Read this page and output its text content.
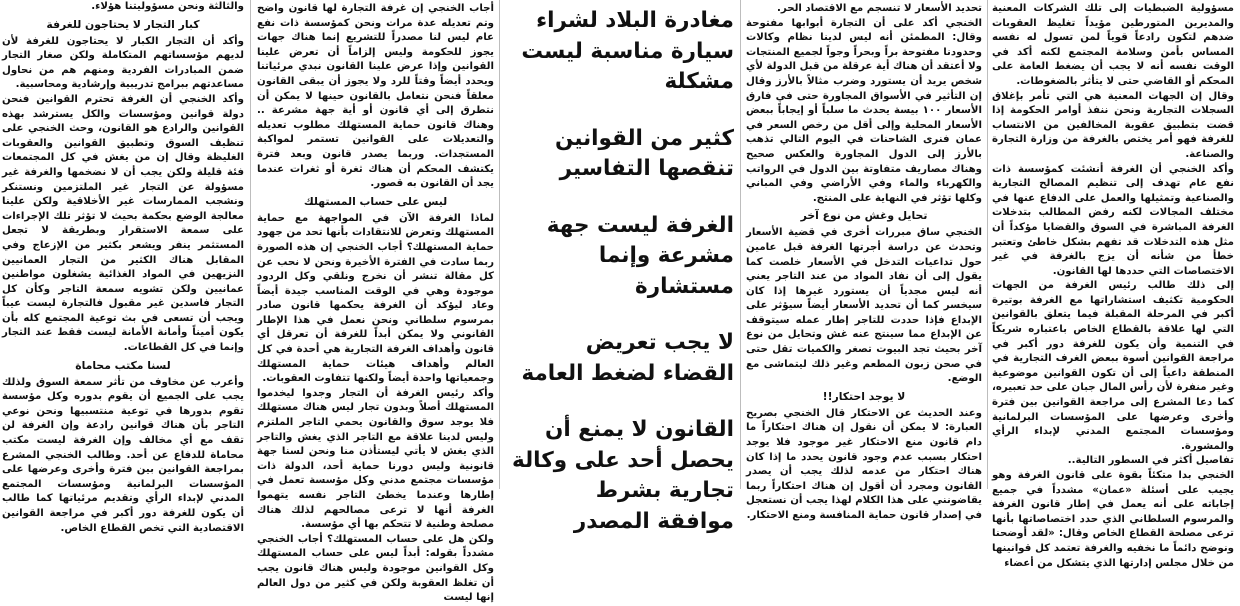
مسؤولية الضبطيات إلى تلك الشركات المعنية والمديرين المتورطين مؤيداً تغليظ العقوبات ضدهم لتكون رادعاً قوياً لمن تسول له نفسه المساس بأمن وسلامة المجتمع لكنه أكد في الوقت نفسه أنه لا يجب أن يضغط العامة على المحكم أو القاضي حتى لا يتأثر بالضغوطات.

وقال إن الجهات المعنية هي التي تأمر بإغلاق السجلات التجارية ونحن ننفذ أوامر الحكومة إذا قضت بتطبيق عقوبة المخالفين من الانتساب للغرفة فهو أمر يختص بالغرفة من وزارة التجارة والصناعة.

وأكد الخنجي أن الغرفة أنشئت كمؤسسة ذات نفع عام تهدف إلى تنظيم المصالح التجارية والصناعية وتمثيلها والعمل على الدفاع عنها في مختلف المجالات لكنه رفض المطالب بتدخلات الغرفة المباشرة في السوق والقضايا مؤكداً أن مثل هذه التدخلات قد تفهم بشكل خاطئ وتعتبر خطأ من شأنه أن يزج بالغرفة في غير الاختصاصات التي حددها لها القانون.

إلى ذلك طالب رئيس الغرفة من الجهات الحكومية تكثيف استشاراتها مع الغرفة بوتيرة أكبر في المرحلة المقبلة فيما يتعلق بالقوانين التي لها علاقة بالقطاع الخاص باعتباره شريكاً في التنمية وأن يكون للغرفة دور أكبر في مراجعة القوانين أسوة ببعض الغرف التجارية في المنطقة داعياً إلى أن تكون القوانين موضوعية وغير منفرة لأن رأس المال جبان على حد تعبيره، كما دعا المشرع إلى مراجعة القوانين بين فترة وأخرى وعرضها على المؤسسات البرلمانية ومؤسسات المجتمع المدني لإبداء الرأي والمشورة.

تفاصيل أكثر في السطور التالية..

الخنجي بدا متكئاً بقوة على قانون الغرفة وهو يجيب على أسئلة «عمان» مشدداً في جميع إجاباته على أنه يعمل في إطار قانون الغرفة والمرسوم السلطاني الذي حدد اختصاصاتها بأنها ترعى مصلحة القطاع الخاص وقال: «لقد أوضحنا ونوضح دائماً ما نخفيه والغرفة تعتمد كل قوانينها من خلال مجلس إدارتها الذي يتشكل من أعضاء

تحديد الأسعار لا تنسجم مع الاقتصاد الحر.

الخنجي أكد على أن التجارة أبوابها مفتوحة وقال: المطمئن أنه ليس لدينا نظام وكالات وحدودنا مفتوحة براً وبحراً وجواً لجميع المنتجات ولا أعتقد أن هناك أية عرقلة من قبل الدولة لأي شخص يريد أن يستورد وضرب مثالاً بالأرز وقال إن التأثير في الأسواق المجاورة حتى في فارق الأسعار ١٠٠ بيسة يحدث ما سلباً أو إيجاباً ببعض الأسعار المحلية وإلى أقل من رخص السعر في عمان فنرى الشاحنات في اليوم التالي تذهب بالأرز إلى الدول المجاورة والعكس صحيح وهناك مصاريف متفاوتة بين الدول في الرواتب والكهرباء والماء وفي الأراضي وفي المباني وكلها تؤثر في النهاية على المنتج.

تحايل وغش من نوع آخر

الخنجي ساق مبررات أخرى في قضية الأسعار وتحدث عن دراسة أجرتها الغرفة قبل عامين حول تداعيات التدخل في الأسعار خلصت كما يقول إلى أن نفاد المواد من عند التاجر يعني أنه ليس مجدياً أن يستورد غيرها إذا كان سيخسر كما أن تحديد الأسعار أيضاً سيؤثر على الإبداع فإذا حددت للتاجر إطار عمله سيتوقف عن الإبداع مما سينتج عنه غش وتحايل من نوع آخر بحيث تجد البيوت تصغر والكميات تقل حتى في صحن زبون المطعم وغير ذلك ليتماشى مع الوضع.

لا يوجد احتكار!!

وعند الحديث عن الاحتكار قال الخنجي بصريح العبارة: لا يمكن أن نقول إن هناك احتكاراً ما دام قانون منع الاحتكار غير موجود فلا يوجد احتكار بسبب عدم وجود قانون يحدد ما إذا كان هناك احتكار من عدمه لذلك يجب أن يصدر القانون ومجرد أن أقول إن هناك احتكاراً ربما يقاضونني على هذا الكلام لهذا يجب أن نستعجل في إصدار قانون حماية المنافسة ومنع الاحتكار.

مغادرة البلاد لشراء سيارة مناسبة ليست مشكلة

كثير من القوانين تنقصها التفاسير

الغرفة ليست جهة مشرعة وإنما مستشارة

لا يجب تعريض القضاء لضغط العامة

القانون لا يمنع أن يحصل أحد على وكالة تجارية بشرط موافقة المصدر

أجاب الخنجي إن غرفة التجارة لها قانون واضح وتم تعديله عدة مرات ونحن كمؤسسة ذات نفع عام ليس لنا مصدراً للتشريع إنما هناك جهات يجوز للحكومة وليس إلزاماً أن تعرض علينا القوانين وإذا عرض علينا القانون نبدي مرئياتنا ويحدد أيضاً وقتاً للرد ولا يجوز أن يبقى القانون معلقاً فنحن نتعامل بالقانون حينها لا يمكن أن نتطرق إلى أي قانون أو أية جهة مشرعة .. وهناك قانون حماية المستهلك مطلوب تعديله والتعديلات على القوانين تستمر لمواكبة المستجدات. وربما يصدر قانون وبعد فترة يكتشف المحكم أن هناك ثغرة أو ثغرات عندما يجد أن القانون به قصور.

ليس على حساب المستهلك

لماذا الغرفة الآن في المواجهة مع حماية المستهلك وتعرض للانتقادات بأنها تحد من جهود حماية المستهلك؟ أجاب الخنجي إن هذه الصورة ربما سادت في الفترة الأخيرة ونحن لا نحب عن كل مقالة تنشر أن نخرج ونلقي وكل الردود موجودة وهي في الوقت المناسب جيدة أيضاً وعاد ليؤكد أن الغرفة يحكمها قانون صادر بمرسوم سلطاني ونحن نعمل في هذا الإطار القانوني ولا يمكن أبداً للغرفة أن تعرقل أي قانون وأهداف الغرفة التجارية هي أحدة في كل العالم وأهداف هيئات حماية المستهلك وجمعياتها واحدة أيضاً ولكنها تتفاوت العقوبات.

وأكد رئيس الغرفة أن التجار وجدوا ليخدموا المستهلك أصلاً وبدون تجار ليس هناك مستهلك فلا يوجد سوق والقانون يحمي التاجر الملتزم وليس لدينا علاقة مع التاجر الذي يغش والتاجر الذي يغش لا يأتي ليستأذن منا ونحن لسنا جهة قانونية وليس دورنا حماية أحد، الدولة ذات مؤسسات مجتمع مدني وكل مؤسسة تعمل في إطارها وعندما يخطئ التاجر نفسه يتهموا الغرفة أنها لا ترعى مصالحهم لذلك هناك مصلحة وطنية لا تتحكم بها أي مؤسسة.

ولكن هل على حساب المستهلك؟ أجاب الخنجي مشدداً بقوله: أبداً ليس على حساب المستهلك وكل القوانين موجودة وليس هناك قانون يجب أن تغلظ العقوبة ولكن في كثير من دول العالم إنها ليست

والثالثة ونحن مسؤوليتنا هؤلاء.

كبار التجار لا يحتاجون للغرفة

وأكد أن التجار الكبار لا يحتاجون للغرفة لأن لديهم مؤسساتهم المتكاملة ولكن صغار التجار ضمن المبادرات الفردية ومنهم هم من نحاول مساعدتهم ببرامج تدريبية وإرشادية ومحاسبية.

وأكد الخنجي أن الغرفة تحترم القوانين فنحن دولة قوانين ومؤسسات والكل يسترشد بهذه القوانين والرادع هو القانون، وحث الخنجي على تنظيف السوق وتطبيق القوانين والعقوبات الغليظة وقال إن من يغش في كل المجتمعات فئة قليلة ولكن يجب أن لا نضخمها والغرفة غير مسؤولة عن التجار غير الملتزمين ونستنكر ونشجب الممارسات غير الأخلاقية ولكن علينا معالجة الوضع بحكمة بحيث لا تؤثر تلك الإجراءات على سمعة الاستقرار وبطريقة لا تجعل المستثمر ينفر ويشعر بكثير من الإزعاج وفي المقابل هناك الكثير من التجار العمانيين النزيهين في المواد الغذائية يشغلون مواطنين عمانيين ولكن تشويه سمعة التاجر وكأن كل التجار فاسدين غير مقبول فالتجارة ليست عيباً ويجب أن تسعى في بث توعية المجتمع كله بأن يكون أميناً وأمانة الأمانة ليست فقط عند التجار وإنما في كل القطاعات.

لسنا مكتب محاماة

وأعرب عن مخاوف من تأثر سمعة السوق ولذلك يجب على الجميع أن يقوم بدوره وكل مؤسسة تقوم بدورها في توعية منتسبيها ونحن نوعي التاجر بأن هناك قوانين رادعة وإن الغرفة لن تقف مع أي مخالف وإن الغرفة ليست مكتب محاماة للدفاع عن أحد. وطالب الخنجي المشرع بمراجعة القوانين بين فترة وأخرى وعرضها على المؤسسات البرلمانية ومؤسسات المجتمع المدني لإبداء الرأي وتقديم مرئياتها كما طالب أن يكون للغرفة دور أكبر في مراجعة القوانين الاقتصادية التي تخص القطاع الخاص.
